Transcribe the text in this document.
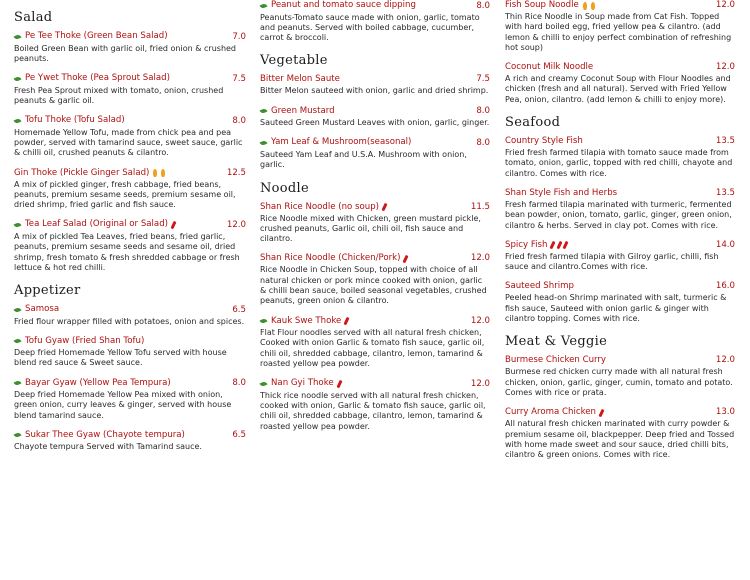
Salad
Pe Tee Thoke (Green Bean Salad)	7.0
Boiled Green Bean with garlic oil, fried onion & crushed peanuts.
Pe Ywet Thoke (Pea Sprout Salad)	7.5
Fresh Pea Sprout mixed with tomato, onion, crushed peanuts & garlic oil.
Tofu Thoke (Tofu Salad)	8.0
Homemade Yellow Tofu, made from chick pea and pea powder, served with tamarind sauce, sweet sauce, garlic & chilli oil, crushed peanuts & cilantro.
Gin Thoke (Pickle Ginger Salad)	12.5
A mix of pickled ginger, fresh cabbage, fried beans, peanuts, premium sesame seeds, premium sesame oil, dried shrimp, fried garlic and fish sauce.
Tea Leaf Salad (Original or Salad)	12.0
A mix of pickled Tea Leaves, fried beans, fried garlic, peanuts, premium sesame seeds and sesame oil, dried shrimp, fresh tomato & fresh shredded cabbage or fresh lettuce & hot red chilli.
Appetizer
Samosa	6.5
Fried flour wrapper filled with potatoes, onion and spices.
Tofu Gyaw (Fried Shan Tofu)
Deep fried Homemade Yellow Tofu served with house blend red sauce & Sweet sauce.
Bayar Gyaw (Yellow Pea Tempura)	8.0
Deep fried Homemade Yellow Pea mixed with onion, green onion, curry leaves & ginger, served with house blend tamarind sauce.
Sukar Thee Gyaw (Chayote tempura)	6.5
Chayote tempura Served with Tamarind sauce.
Peanut and tomato sauce dipping	8.0
Peanuts-Tomato sauce made with onion, garlic, tomato and peanuts. Served with boiled cabbage, cucumber, carrot & broccoli.
Vegetable
Bitter Melon Saute	7.5
Bitter Melon sauteed with onion, garlic and dried shrimp.
Green Mustard	8.0
Sauteed Green Mustard Leaves with onion, garlic, ginger.
Yam Leaf & Mushroom(seasonal)	8.0
Sauteed Yam Leaf and U.S.A. Mushroom with onion, garlic.
Noodle
Shan Rice Noodle (no soup)	11.5
Rice Noodle mixed with Chicken, green mustard pickle, crushed peanuts, Garlic oil, chili oil, fish sauce and cilantro.
Shan Rice Noodle (Chicken/Pork)	12.0
Rice Noodle in Chicken Soup, topped with choice of all natural chicken or pork mince cooked with onion, garlic & chilli bean sauce, boiled seasonal vegetables, crushed peanuts, green onion & cilantro.
Kauk Swe Thoke	12.0
Flat Flour noodles served with all natural fresh chicken, Cooked with onion Garlic & tomato fish sauce, garlic oil, chili oil, shredded cabbage, cilantro, lemon, tamarind & roasted yellow pea powder.
Nan Gyi Thoke	12.0
Thick rice noodle served with all natural fresh chicken, cooked with onion, Garlic & tomato fish sauce, garlic oil, chili oil, shredded cabbage, cilantro, lemon, tamarind & roasted yellow pea powder.
Fish Soup Noodle	12.0
Thin Rice Noodle in Soup made from Cat Fish. Topped with hard boiled egg, fried yellow pea & cilantro. (add lemon & chilli to enjoy perfect combination of refreshing hot soup)
Coconut Milk Noodle	12.0
A rich and creamy Coconut Soup with Flour Noodles and chicken (fresh and all natural). Served with Fried Yellow Pea, onion, cilantro. (add lemon & chilli to enjoy more).
Seafood
Country Style Fish	13.5
Fried fresh farmed tilapia with tomato sauce made from tomato, onion, garlic, topped with red chilli, chayote and cilantro. Comes with rice.
Shan Style Fish and Herbs	13.5
Fresh farmed tilapia marinated with turmeric, fermented bean powder, onion, tomato, garlic, ginger, green onion, cilantro & herbs. Served in clay pot. Comes with rice.
Spicy Fish	14.0
Fried fresh farmed tilapia with Gilroy garlic, chilli, fish sauce and cilantro.Comes with rice.
Sauteed Shrimp	16.0
Peeled head-on Shrimp marinated with salt, turmeric & fish sauce, Sauteed with onion garlic & ginger with cilantro topping. Comes with rice.
Meat & Veggie
Burmese Chicken Curry	12.0
Burmese red chicken curry made with all natural fresh chicken, onion, garlic, ginger, cumin, tomato and potato. Comes with rice or prata.
Curry Aroma Chicken	13.0
All natural fresh chicken marinated with curry powder & premium sesame oil, blackpepper. Deep fried and Tossed with home made sweet and sour sauce, dried chilli bits, cilantro & green onions. Comes with rice.
